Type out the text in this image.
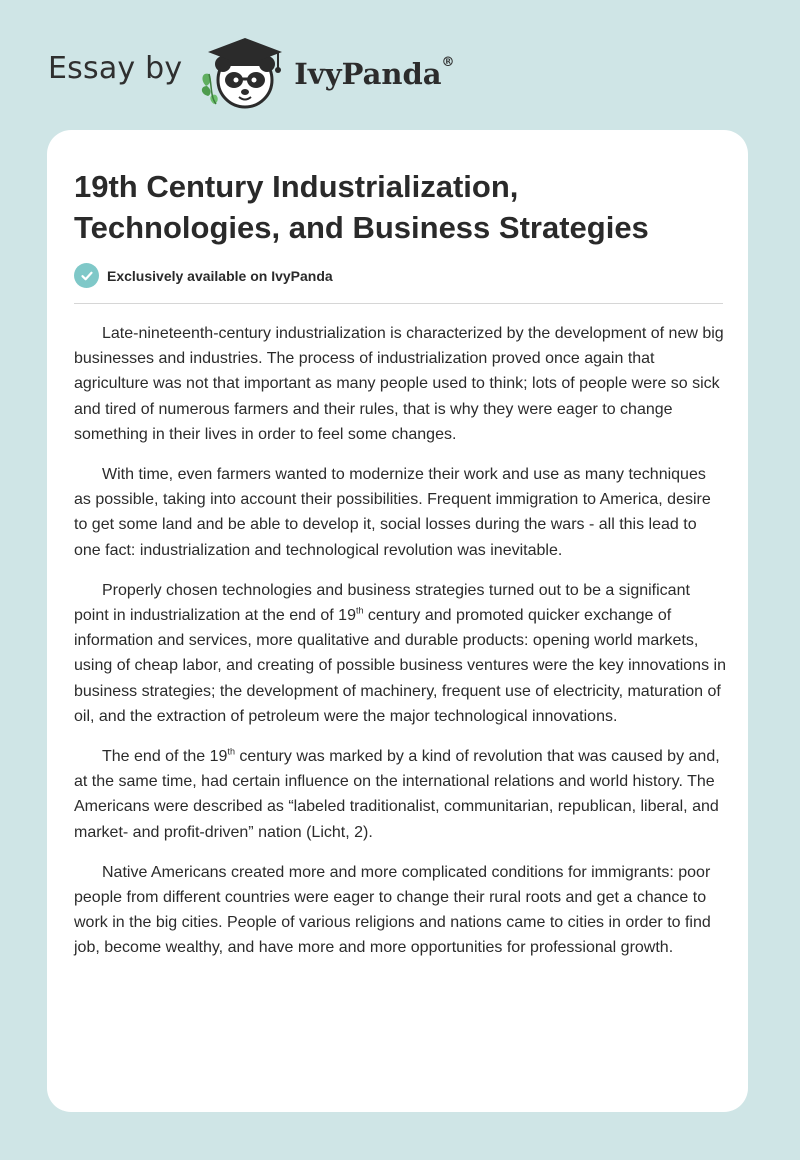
Essay by	IvyPanda®
19th Century Industrialization, Technologies, and Business Strategies
Exclusively available on IvyPanda

Late-nineteenth-century industrialization is characterized by the development of new big businesses and industries. The process of industrialization proved once again that agriculture was not that important as many people used to think; lots of people were so sick and tired of numerous farmers and their rules, that is why they were eager to change something in their lives in order to feel some changes.

With time, even farmers wanted to modernize their work and use as many techniques as possible, taking into account their possibilities. Frequent immigration to America, desire to get some land and be able to develop it, social losses during the wars - all this lead to one fact: industrialization and technological revolution was inevitable.

Properly chosen technologies and business strategies turned out to be a significant point in industrialization at the end of 19th century and promoted quicker exchange of information and services, more qualitative and durable products: opening world markets, using of cheap labor, and creating of possible business ventures were the key innovations in business strategies; the development of machinery, frequent use of electricity, maturation of oil, and the extraction of petroleum were the major technological innovations.

The end of the 19th century was marked by a kind of revolution that was caused by and, at the same time, had certain influence on the international relations and world history. The Americans were described as “labeled traditionalist, communitarian, republican, liberal, and market- and profit-driven” nation (Licht, 2).

Native Americans created more and more complicated conditions for immigrants: poor people from different countries were eager to change their rural roots and get a chance to work in the big cities. People of various religions and nations came to cities in order to find job, become wealthy, and have more and more opportunities for professional growth.
